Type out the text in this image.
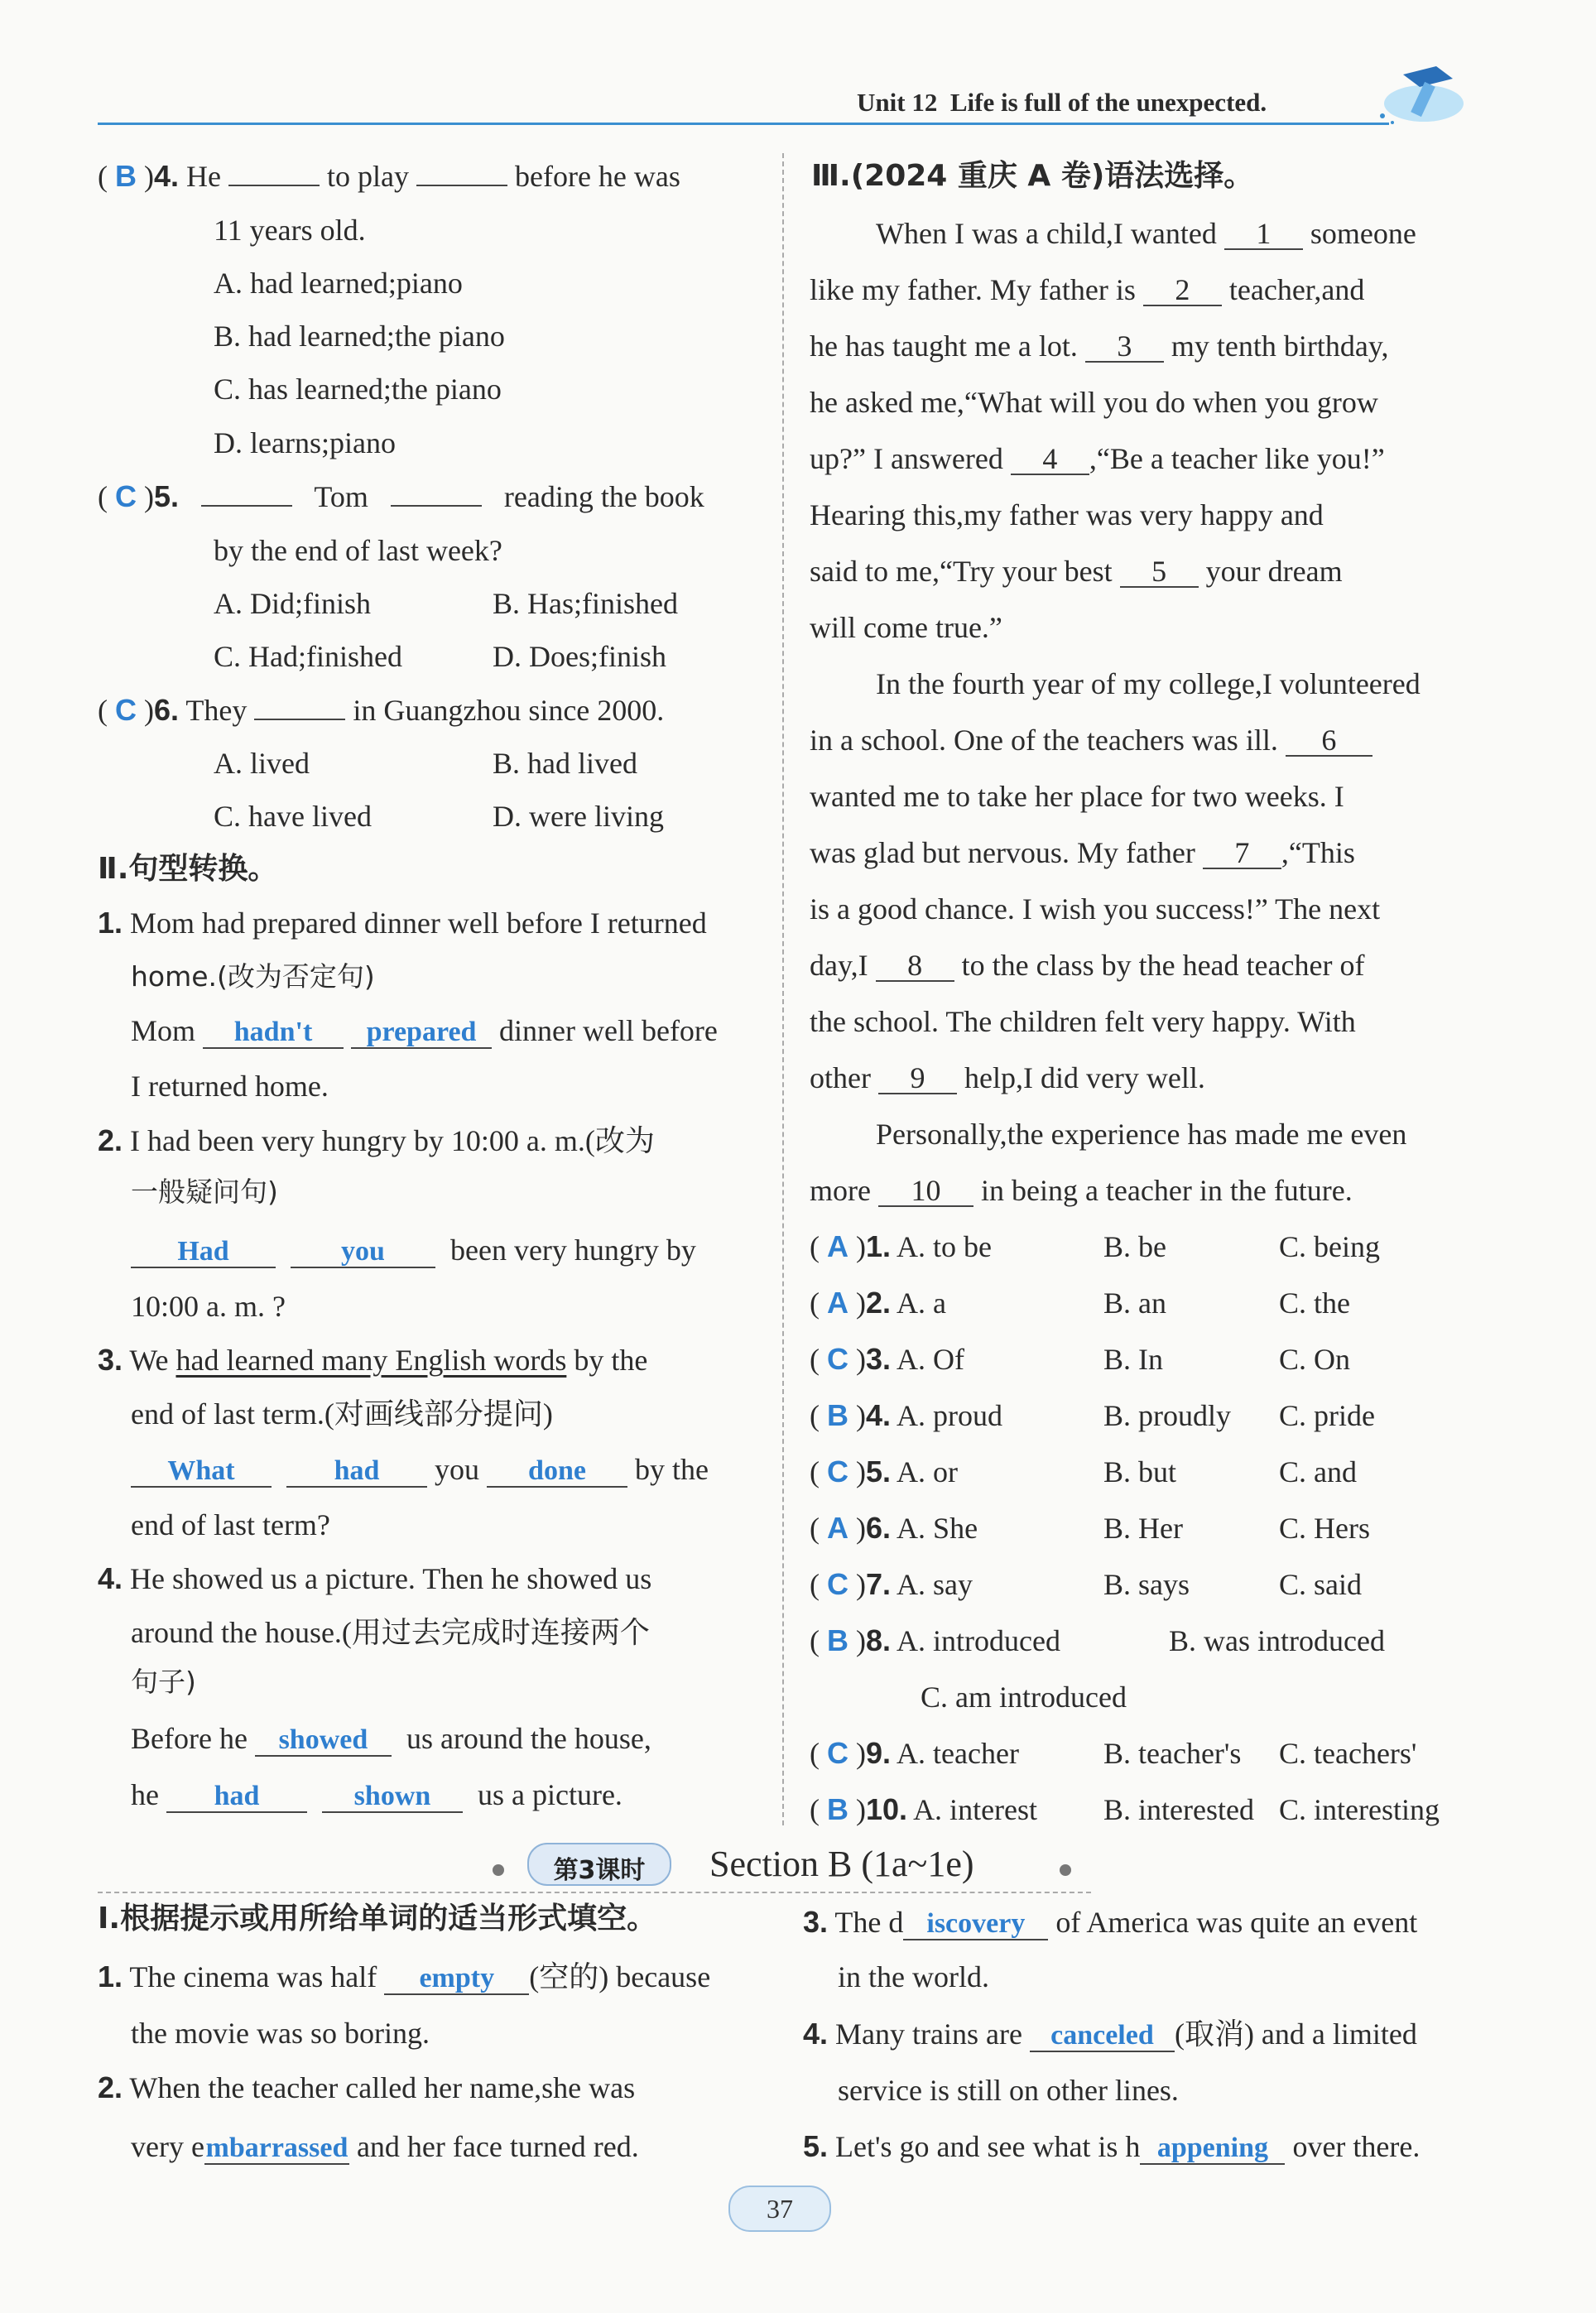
Unit 12 Life is full of the unexpected.
( B )4. He	to play	before he was
11 years old.
A. had learned;piano
B. had learned;the piano
C. has learned;the piano
D. learns;piano
( C )5.	Tom	reading the book
by the end of last week?
A. Did;finish	B. Has;finished
C. Had;finished	D. Does;finish
( C )6. They	in Guangzhou since 2000.
A. lived	B. had lived
C. have lived	D. were living
Ⅱ.句型转换。
1. Mom had prepared dinner well before I returned
home.(改为否定句)
Mom hadn't prepared dinner well before
I returned home.
2. I had been very hungry by 10:00 a. m.(改为
一般疑问句)
Had	you been very hungry by
10:00 a. m. ?
3. We had learned many English words by the
end of last term.(对画线部分提问)
What	had you done by the
end of last term?
4. He showed us a picture. Then he showed us
around the house.(用过去完成时连接两个
句子)
Before he showed us around the house,
he had	shown us a picture.
Ⅲ.(2024 重庆 A 卷)语法选择。
When I was a child,I wanted 1 someone
like my father. My father is 2 teacher,and
he has taught me a lot. 3 my tenth birthday,
he asked me,“What will you do when you grow
up?” I answered 4 ,“Be a teacher like you!”
Hearing this,my father was very happy and
said to me,“Try your best 5 your dream
will come true.”
In the fourth year of my college,I volunteered
in a school. One of the teachers was ill. 6
wanted me to take her place for two weeks. I
was glad but nervous. My father 7 ,“This
is a good chance. I wish you success!” The next
day,I 8 to the class by the head teacher of
the school. The children felt very happy. With
other 9 help,I did very well.
Personally,the experience has made me even
more 10 in being a teacher in the future.
( A )1. A. to be	B. be	C. being
( A )2. A. a	B. an	C. the
( C )3. A. Of	B. In	C. On
( B )4. A. proud	B. proudly C. pride
( C )5. A. or	B. but	C. and
( A )6. A. She	B. Her	C. Hers
( C )7. A. say	B. says	C. said
( B )8. A. introduced	B. was introduced
C. am introduced
( C )9. A. teacher	B. teacher's C. teachers'
( B )10. A. interest B. interested C. interesting
第3课时	Section B (1a~1e)
Ⅰ.根据提示或用所给单词的适当形式填空。
1. The cinema was half empty (空的) because
the movie was so boring.
2. When the teacher called her name,she was
very embarrassed and her face turned red.
3. The d iscovery of America was quite an event
in the world.
4. Many trains are canceled (取消) and a limited
service is still on other lines.
5. Let's go and see what is h appening over there.
37
